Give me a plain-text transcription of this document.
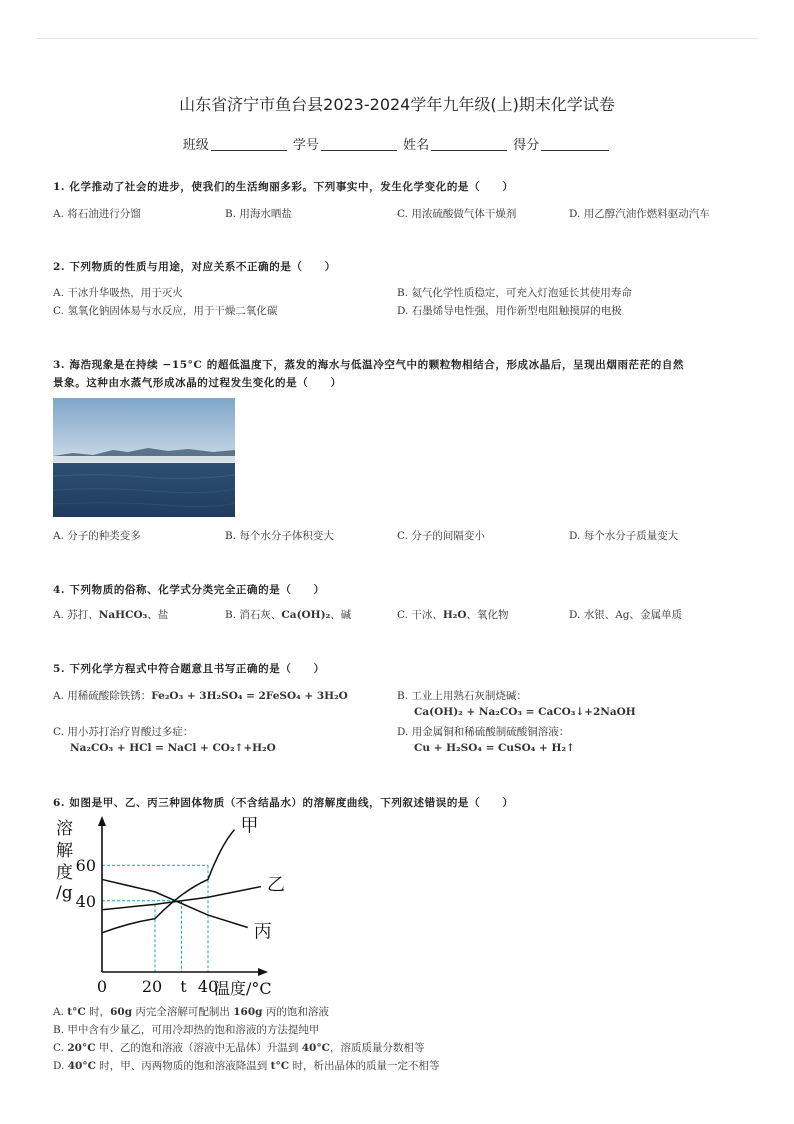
山东省济宁市鱼台县2023-2024学年九年级(上)期末化学试卷
班级	学号	姓名	得分
1. 化学推动了社会的进步，使我们的生活绚丽多彩。下列事实中，发生化学变化的是（　　）
A. 将石油进行分馏	B. 用海水晒盐	C. 用浓硫酸做气体干燥剂	D. 用乙醇汽油作燃料驱动汽车
2. 下列物质的性质与用途，对应关系不正确的是（　　）
A. 干冰升华吸热，用于灭火	B. 氦气化学性质稳定，可充入灯泡延长其使用寿命
C. 氢氧化钠固体易与水反应，用于干燥二氧化碳	D. 石墨烯导电性强，用作新型电阻触摸屏的电极
3. 海浩现象是在持续 −15°C 的超低温度下，蒸发的海水与低温冷空气中的颗粒物相结合，形成冰晶后，呈现出烟雨茫茫的自然
景象。这种由水蒸气形成冰晶的过程发生变化的是（　　）
A. 分子的种类变多	B. 每个水分子体积变大	C. 分子的间隔变小	D. 每个水分子质量变大
4. 下列物质的俗称、化学式分类完全正确的是（　　）
A. 苏打、NaHCO₃、盐	B. 消石灰、Ca(OH)₂、碱	C. 干冰、H₂O、氧化物	D. 水银、Ag、金属单质
5. 下列化学方程式中符合题意且书写正确的是（　　）
A. 用稀硫酸除铁锈：Fe₂O₃ + 3H₂SO₄ = 2FeSO₄ + 3H₂O	B. 工业上用熟石灰制烧碱：
Ca(OH)₂ + Na₂CO₃ = CaCO₃↓+2NaOH
C. 用小苏打治疗胃酸过多症：
Na₂CO₃ + HCl = NaCl + CO₂↑+H₂O
D. 用金属铜和稀硫酸制硫酸铜溶液：
Cu + H₂SO₄ = CuSO₄ + H₂↑
6. 如图是甲、乙、丙三种固体物质（不含结晶水）的溶解度曲线，下列叙述错误的是（　　）
甲
乙
丙
溶
解
度
/g
60
40
0 20 t 40
温度/°C
A. t°C 时，60g 丙完全溶解可配制出 160g 丙的饱和溶液
B. 甲中含有少量乙，可用冷却热的饱和溶液的方法提纯甲
C. 20°C 甲、乙的饱和溶液（溶液中无晶体）升温到 40°C，溶质质量分数相等
D. 40°C 时，甲、丙两物质的饱和溶液降温到 t°C 时，析出晶体的质量一定不相等
